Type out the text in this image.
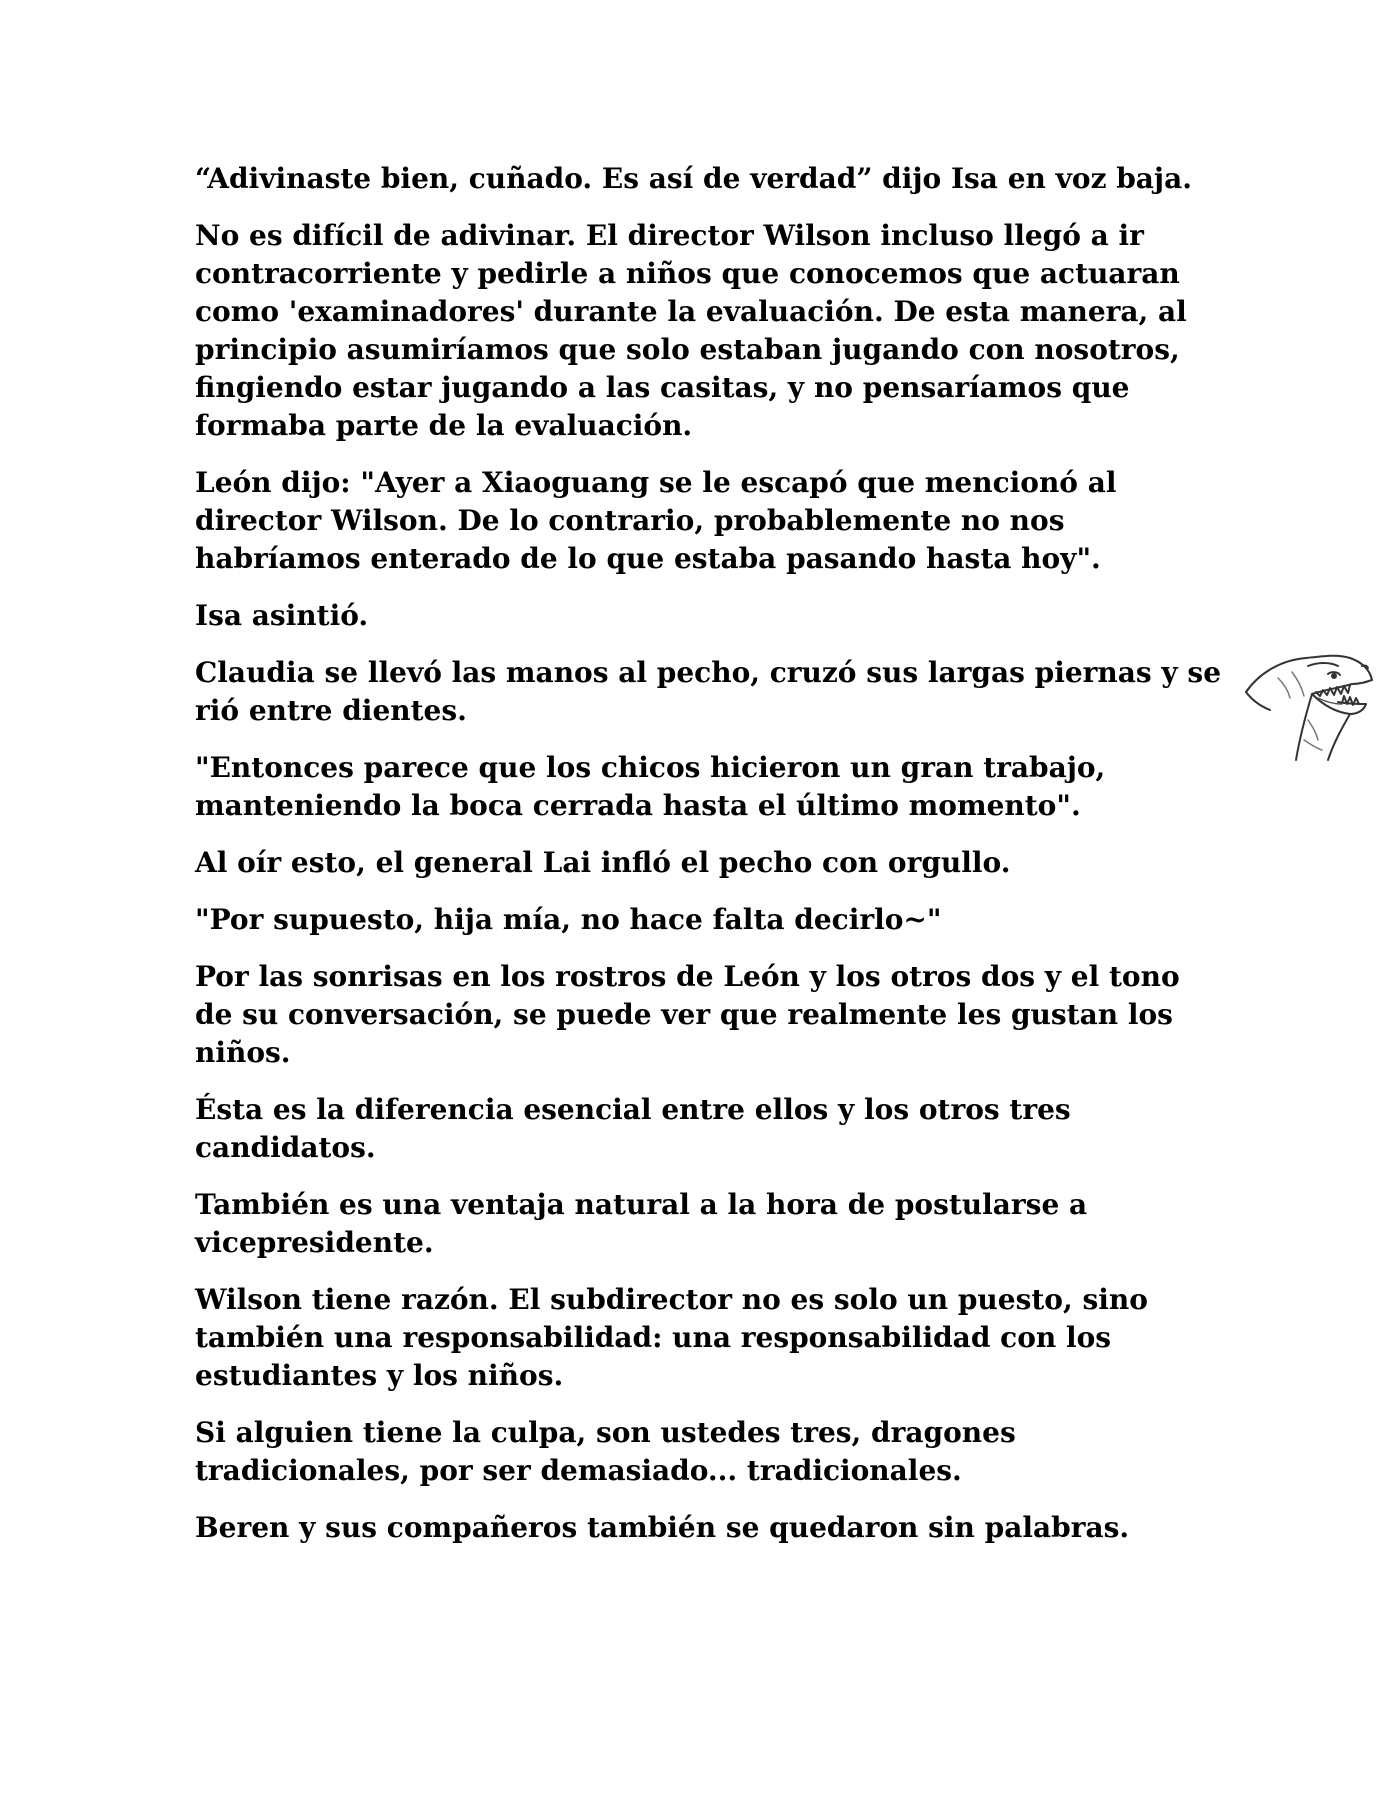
“Adivinaste bien, cuñado. Es así de verdad” dijo Isa en voz baja.

No es difícil de adivinar. El director Wilson incluso llegó a ir contracorriente y pedirle a niños que conocemos que actuaran como 'examinadores' durante la evaluación. De esta manera, al principio asumiríamos que solo estaban jugando con nosotros, fingiendo estar jugando a las casitas, y no pensaríamos que formaba parte de la evaluación.

León dijo: "Ayer a Xiaoguang se le escapó que mencionó al director Wilson. De lo contrario, probablemente no nos habríamos enterado de lo que estaba pasando hasta hoy".

Isa asintió.

Claudia se llevó las manos al pecho, cruzó sus largas piernas y se rió entre dientes.

"Entonces parece que los chicos hicieron un gran trabajo, manteniendo la boca cerrada hasta el último momento".

Al oír esto, el general Lai infló el pecho con orgullo.

"Por supuesto, hija mía, no hace falta decirlo~"

Por las sonrisas en los rostros de León y los otros dos y el tono de su conversación, se puede ver que realmente les gustan los niños.

Ésta es la diferencia esencial entre ellos y los otros tres candidatos.

También es una ventaja natural a la hora de postularse a vicepresidente.

Wilson tiene razón. El subdirector no es solo un puesto, sino también una responsabilidad: una responsabilidad con los estudiantes y los niños.

Si alguien tiene la culpa, son ustedes tres, dragones tradicionales, por ser demasiado... tradicionales.

Beren y sus compañeros también se quedaron sin palabras.
